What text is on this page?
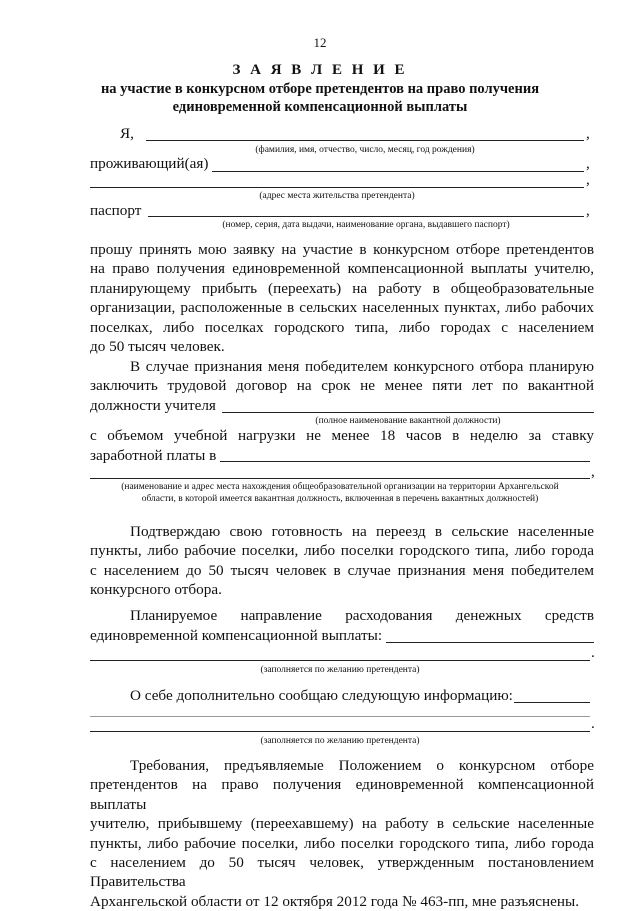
12
З А Я В Л Е Н И Е
на участие в конкурсном отборе претендентов на право получения единовременной компенсационной выплаты
Я,	,
(фамилия, имя, отчество, число, месяц, год рождения)
проживающий(ая)	,
,
(адрес места жительства претендента)
паспорт	,
(номер, серия, дата выдачи, наименование органа, выдавшего паспорт)
прошу принять мою заявку на участие в конкурсном отборе претендентов
на право получения единовременной компенсационной выплаты учителю,
планирующему прибыть (переехать) на работу в общеобразовательные
организации, расположенные в сельских населенных пунктах, либо рабочих
поселках, либо поселках городского типа, либо городах с населением
до 50 тысяч человек.
В случае признания меня победителем конкурсного отбора планирую
заключить трудовой договор на срок не менее пяти лет по вакантной
должности учителя
(полное наименование вакантной должности)
с объемом учебной нагрузки не менее 18 часов в неделю за ставку
заработной платы в
,
(наименование и адрес места нахождения общеобразовательной организации на территории Архангельской
области, в которой имеется вакантная должность, включенная в перечень вакантных должностей)
Подтверждаю свою готовность на переезд в сельские населенные
пункты, либо рабочие поселки, либо поселки городского типа, либо города
с населением до 50 тысяч человек в случае признания меня победителем
конкурсного отбора.
Планируемое направление расходования денежных средств
единовременной компенсационной выплаты:
.
(заполняется по желанию претендента)
О себе дополнительно сообщаю следующую информацию:
.
(заполняется по желанию претендента)
Требования, предъявляемые Положением о конкурсном отборе
претендентов на право получения единовременной компенсационной выплаты
учителю, прибывшему (переехавшему) на работу в сельские населенные
пункты, либо рабочие поселки, либо поселки городского типа, либо города
с населением до 50 тысяч человек, утвержденным постановлением Правительства
Архангельской области от 12 октября 2012 года № 463-пп, мне разъяснены.
